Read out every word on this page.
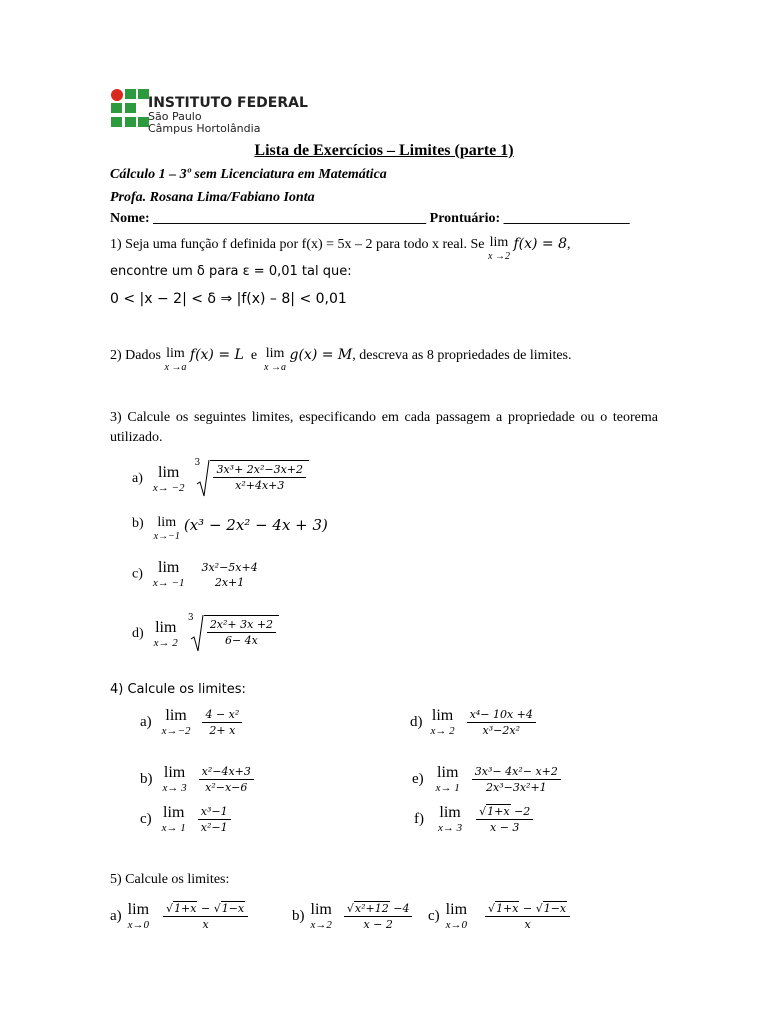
INSTITUTO FEDERAL
São Paulo
Câmpus Hortolândia
Lista de Exercícios – Limites (parte 1)
Cálculo 1 – 3º sem Licenciatura em Matemática
Profa. Rosana Lima/Fabiano Ionta
Nome: _______________________________________ Prontuário: __________________
1) Seja uma função f definida por f(x) = 5x – 2 para todo x real. Se lim
x →2
f(x) = 8,
encontre um δ para ε = 0,01 tal que:
0 < |x − 2| < δ ⇒ |f(x) – 8| < 0,01
2) Dados lim
x →a
f(x) = L e lim
x →a
g(x) = M, descreva as 8 propriedades de limites.
3) Calcule os seguintes limites, especificando em cada passagem a propriedade ou o teorema utilizado.
a) lim
x→ −2

$3 \frac{\text{3x³+ 2x²−3x+2}}{\text{x²+4x+3}}$
b) lim
x→−1
(x³ − 2x² − 4x + 3)
c) lim
x→ −1

3x²−5x+4
2x+1
d) lim
x→ 2

$3 \frac{\text{2x²+ 3x +2}}{6- 4x}$
4) Calcule os limites:
a) lim
x→−2
$\frac{\text{4 − x²}}{2+ x}$
b) lim
x→ 3
$\frac{\text{x²−4x+3}}{\text{x²−x−6}}$
c) lim
x→ 1
$\frac{\text{x³−1}}{\text{x²−1}}$
d) lim
x→ 2
$\frac{\text{x⁴− 10x +4}}{\text{x³−2x²}}$
e) lim
x→ 1
$\frac{\text{3x³− 4x²− x+2}}{\text{2x³−3x²+1}}$
f) lim
x→ 3
$\frac{√1+x -2}{x - 3}$
5) Calcule os limites:
a) lim
x→0
$\frac{√1+x - √1-x}{x}$	b) lim
x→2
$\frac{\text{√x²+12 −4}}{x - 2} c$) lim
x→0
$\frac{√1+x - √1-x}{x}$
